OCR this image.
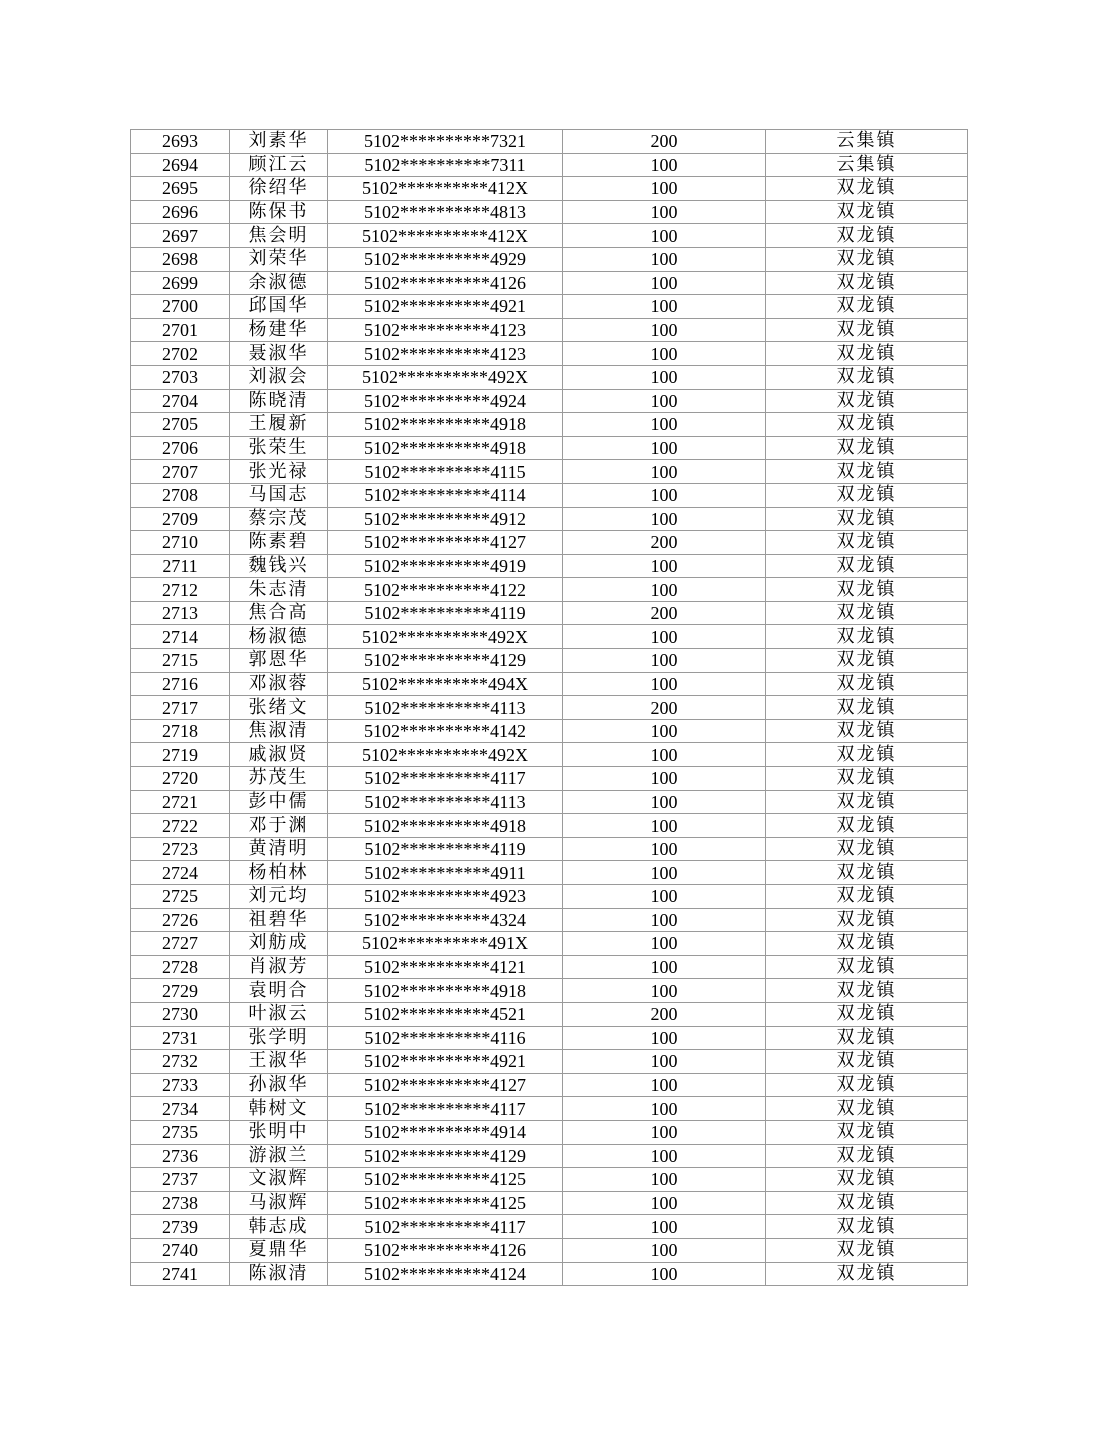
2693	刘素华	5102**********7321	200	云集镇
2694	顾江云	5102**********7311	100	云集镇
2695	徐绍华	5102**********412X	100	双龙镇
2696	陈保书	5102**********4813	100	双龙镇
2697	焦会明	5102**********412X	100	双龙镇
2698	刘荣华	5102**********4929	100	双龙镇
2699	余淑德	5102**********4126	100	双龙镇
2700	邱国华	5102**********4921	100	双龙镇
2701	杨建华	5102**********4123	100	双龙镇
2702	聂淑华	5102**********4123	100	双龙镇
2703	刘淑会	5102**********492X	100	双龙镇
2704	陈晓清	5102**********4924	100	双龙镇
2705	王履新	5102**********4918	100	双龙镇
2706	张荣生	5102**********4918	100	双龙镇
2707	张光禄	5102**********4115	100	双龙镇
2708	马国志	5102**********4114	100	双龙镇
2709	蔡宗茂	5102**********4912	100	双龙镇
2710	陈素碧	5102**********4127	200	双龙镇
2711	魏钱兴	5102**********4919	100	双龙镇
2712	朱志清	5102**********4122	100	双龙镇
2713	焦合高	5102**********4119	200	双龙镇
2714	杨淑德	5102**********492X	100	双龙镇
2715	郭恩华	5102**********4129	100	双龙镇
2716	邓淑蓉	5102**********494X	100	双龙镇
2717	张绪文	5102**********4113	200	双龙镇
2718	焦淑清	5102**********4142	100	双龙镇
2719	戚淑贤	5102**********492X	100	双龙镇
2720	苏茂生	5102**********4117	100	双龙镇
2721	彭中儒	5102**********4113	100	双龙镇
2722	邓于渊	5102**********4918	100	双龙镇
2723	黄清明	5102**********4119	100	双龙镇
2724	杨柏林	5102**********4911	100	双龙镇
2725	刘元均	5102**********4923	100	双龙镇
2726	祖碧华	5102**********4324	100	双龙镇
2727	刘舫成	5102**********491X	100	双龙镇
2728	肖淑芳	5102**********4121	100	双龙镇
2729	袁明合	5102**********4918	100	双龙镇
2730	叶淑云	5102**********4521	200	双龙镇
2731	张学明	5102**********4116	100	双龙镇
2732	王淑华	5102**********4921	100	双龙镇
2733	孙淑华	5102**********4127	100	双龙镇
2734	韩树文	5102**********4117	100	双龙镇
2735	张明中	5102**********4914	100	双龙镇
2736	游淑兰	5102**********4129	100	双龙镇
2737	文淑辉	5102**********4125	100	双龙镇
2738	马淑辉	5102**********4125	100	双龙镇
2739	韩志成	5102**********4117	100	双龙镇
2740	夏鼎华	5102**********4126	100	双龙镇
2741	陈淑清	5102**********4124	100	双龙镇
